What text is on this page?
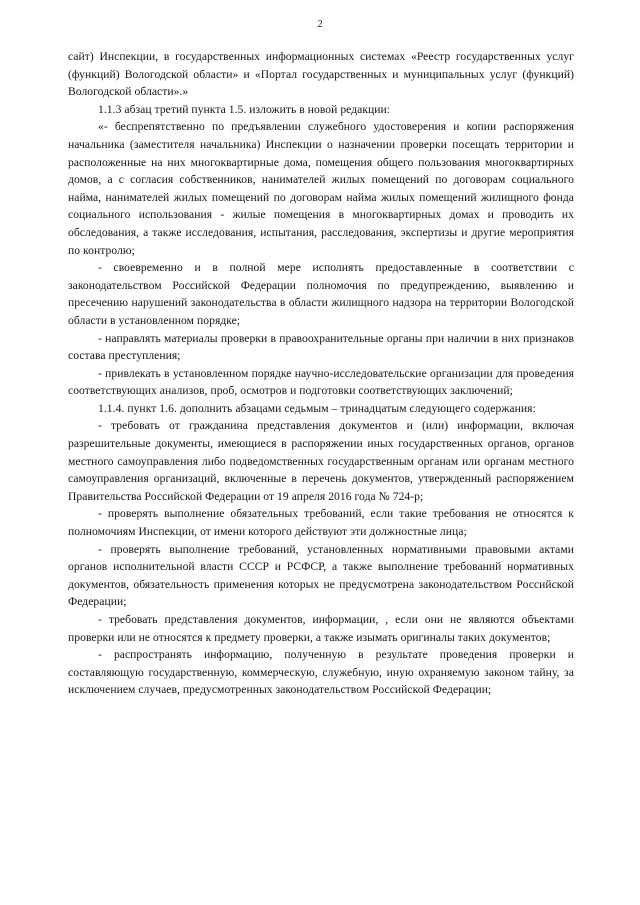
2

сайт) Инспекции, в государственных информационных системах «Реестр государственных услуг (функций) Вологодской области» и «Портал государственных и муниципальных услуг (функций) Вологодской области».»

1.1.3 абзац третий пункта 1.5. изложить в новой редакции:

«- беспрепятственно по предъявлении служебного удостоверения и копии распоряжения начальника (заместителя начальника) Инспекции о назначении проверки посещать территории и расположенные на них многоквартирные дома, помещения общего пользования многоквартирных домов, а с согласия собственников, нанимателей жилых помещений по договорам социального найма, нанимателей жилых помещений по договорам найма жилых помещений жилищного фонда социального использования - жилые помещения в многоквартирных домах и проводить их обследования, а также исследования, испытания, расследования, экспертизы и другие мероприятия по контролю;

- своевременно и в полной мере исполнять предоставленные в соответствии с законодательством Российской Федерации полномочия по предупреждению, выявлению и пресечению нарушений законодательства в области жилищного надзора на территории Вологодской области в установленном порядке;

- направлять материалы проверки в правоохранительные органы при наличии в них признаков состава преступления;

- привлекать в установленном порядке научно-исследовательские организации для проведения соответствующих анализов, проб, осмотров и подготовки соответствующих заключений;

1.1.4. пункт 1.6. дополнить абзацами седьмым – тринадцатым следующего содержания:

- требовать от гражданина представления документов и (или) информации, включая разрешительные документы, имеющиеся в распоряжении иных государственных органов, органов местного самоуправления либо подведомственных государственным органам или органам местного самоуправления организаций, включенные в перечень документов, утвержденный распоряжением Правительства Российской Федерации от 19 апреля 2016 года № 724-р;

- проверять выполнение обязательных требований, если такие требования не относятся к полномочиям Инспекции, от имени которого действуют эти должностные лица;

- проверять выполнение требований, установленных нормативными правовыми актами органов исполнительной власти СССР и РСФСР, а также выполнение требований нормативных документов, обязательность применения которых не предусмотрена законодательством Российской Федерации;

- требовать представления документов, информации, , если они не являются объектами проверки или не относятся к предмету проверки, а также изымать оригиналы таких документов;

- распространять информацию, полученную в результате проведения проверки и составляющую государственную, коммерческую, служебную, иную охраняемую законом тайну, за исключением случаев, предусмотренных законодательством Российской Федерации;
